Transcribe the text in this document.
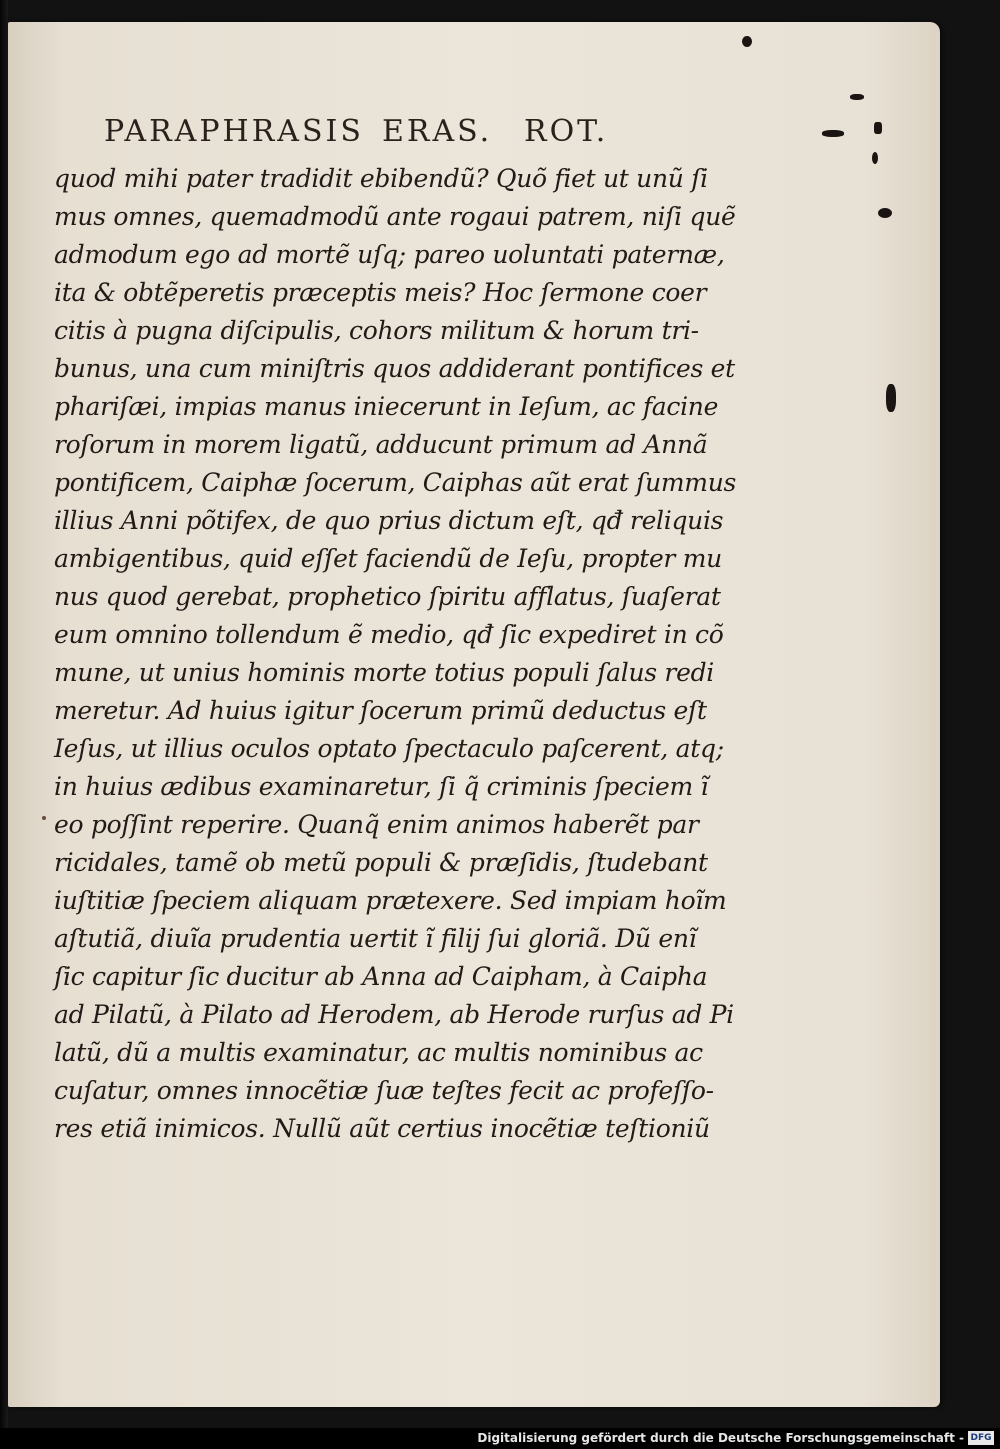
PARAPHRASIS ERAS. ROT.
quod mihi pater tradidit ebibendũ? Quõ fiet ut unũ ſi
mus omnes, quemadmodũ ante rogaui patrem, niſi quẽ
admodum ego ad mortẽ uſq; pareo uoluntati paternæ,
ita & obtẽperetis præceptis meis? Hoc ſermone coer
citis à pugna diſcipulis, cohors militum & horum tri-
bunus, una cum miniſtris quos addiderant pontifices et
phariſæi, impias manus iniecerunt in Ieſum, ac facine
roſorum in morem ligatũ, adducunt primum ad Annã
pontificem, Caiphæ ſocerum, Caiphas aũt erat ſummus
illius Anni põtifex, de quo prius dictum eſt, qđ reliquis
ambigentibus, quid eſſet faciendũ de Ieſu, propter mu
nus quod gerebat, prophetico ſpiritu afflatus, ſuaſerat
eum omnino tollendum ẽ medio, qđ ſic expediret in cõ
mune, ut unius hominis morte totius populi ſalus redi
meretur. Ad huius igitur ſocerum primũ deductus eſt
Ieſus, ut illius oculos optato ſpectaculo paſcerent, atq;
in huius ædibus examinaretur, ſi q̃ criminis ſpeciem ĩ
eo poſſint reperire. Quanq̃ enim animos haberẽt par
ricidales, tamẽ ob metũ populi & præſidis, ſtudebant
iuſtitiæ ſpeciem aliquam prætexere. Sed impiam hoĩm
aſtutiã, diuĩa prudentia uertit ĩ filij ſui gloriã. Dũ enĩ
ſic capitur ſic ducitur ab Anna ad Caipham, à Caipha
ad Pilatũ, à Pilato ad Herodem, ab Herode rurſus ad Pi
latũ, dũ a multis examinatur, ac multis nominibus ac
cuſatur, omnes innocẽtiæ ſuæ teſtes fecit ac profeſſo-
res etiã inimicos. Nullũ aũt certius inocẽtiæ teſtioniũ
Digitalisierung gefördert durch die Deutsche Forschungsgemeinschaft - DFG
